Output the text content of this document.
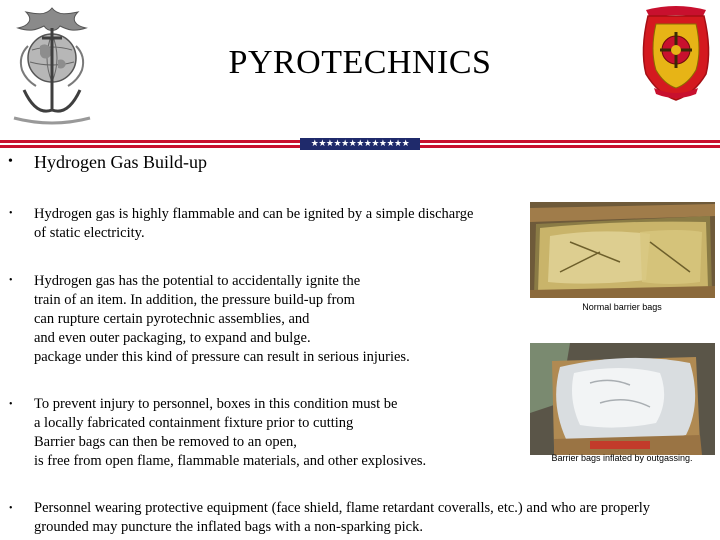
PYROTECHNICS
★★★★★★★★★★★★★
• Hydrogen Gas Build-up
• Hydrogen gas is highly flammable and can be ignited by a simple discharge
of static electricity.
• Hydrogen gas has the potential to accidentally ignite the
train of an item. In addition, the pressure build-up from
can rupture certain pyrotechnic assemblies, and
and even outer packaging, to expand and bulge.
package under this kind of pressure can result in serious injuries.
• To prevent injury to personnel, boxes in this condition must be
a locally fabricated containment fixture prior to cutting
Barrier bags can then be removed to an open,
is free from open flame, flammable materials, and other explosives.
• Personnel wearing protective equipment (face shield, flame retardant coveralls, etc.) and who are properly
grounded may puncture the inflated bags with a non-sparking pick.
Normal barrier bags
Barrier bags inflated by outgassing.
